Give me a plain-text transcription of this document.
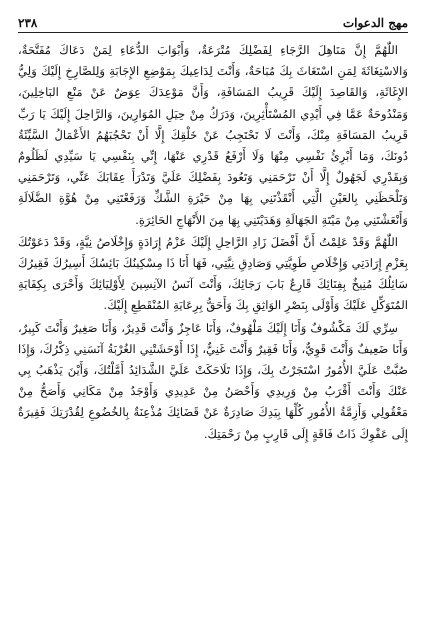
٢٣٨	مهج الدعوات

اللّٰهُمَّ إِنَّ مَنَاهِلَ الرَّجَاءِ لِفَضْلِكَ مُتْرَعَةٌ، وَأَبْوَابَ الدُّعَاءِ لِمَنْ دَعَاكَ مُفَتَّحَةٌ، وَالاسْتِغَاثَةَ لِمَنِ اسْتَغَاثَ بِكَ مُبَاحَةٌ، وَأَنْتَ لِدَاعِيكَ بِمَوْضِعِ الإِجَابَةِ وَلِلصَّارِخِ إِلَيْكَ وَلِيُّ الإِغَاثَةِ، وَالقَاصِدَ إِلَيْكَ قَرِيبُ المَسَافَةِ، وَأَنَّ مَوْعِدَكَ عِوَضٌ عَنْ مَنْعِ البَاخِلِينَ، وَمَنْدُوحَةٌ عَمَّا فِي أَيْدِي المُسْتَأْثِرِينَ، وَدَرَكُ مِنْ حِيَلِ المُوَارِينَ، وَالرَّاحِلَ إِلَيْكَ يَا رَبِّ قَرِيبُ المَسَافَةِ مِنْكَ، وَأَنْتَ لَا تَحْتَجِبُ عَنْ خَلْقِكَ إِلَّا أَنْ تَحْجُبَهُمُ الأَعْمَالُ السَّيِّئَةُ دُونَكَ، وَمَا أَبْرِئُ نَفْسِي مِنْهَا وَلَا أَرْفَعُ قَدْرِي عَنْهَا، إِنِّي بِنَفْسِي يَا سَيِّدِي لَظَلُومٌ وَبِقَدْرِي لَجَهُولٌ إِلَّا أَنْ تَرْحَمَنِي وَتَعُودَ بِفَضْلِكَ عَلَيَّ وَتَدْرَأَ عِقَابَكَ عَنِّي، وَتَرْحَمَنِي وَتَلْحَظَنِي بِالعَيْنِ الَّتِي أَنْقَذْتَنِي بِهَا مِنْ حَيْرَةِ الشَّكِّ وَرَفَعْتَنِي مِنْ هُوَّةِ الضَّلَالَةِ وَأَنْعَشْتَنِي مِنْ مَيْتَةِ الجَهَالَةِ وَهَدَيْتَنِي بِهَا مِنَ الأَنْهَاجِ الحَائِرَةِ.

اللّٰهُمَّ وَقَدْ عَلِمْتُ أَنَّ أَفْضَلَ زَادِ الرَّاحِلِ إِلَيْكَ عَزْمُ إِرَادَةٍ وَإِخْلَاصُ نِيَّةٍ، وَقَدْ دَعَوْتُكَ بِعَزْمِ إِرَادَتِي وَإِخْلَاصِ طَوِيَّتِي وَصَادِقِ نِيَّتِي، فَهَا أَنَا ذَا مِسْكِينُكَ بَائِسُكَ أَسِيرُكَ فَقِيرُكَ سَائِلُكَ مُنِيخٌ بِفِنَائِكَ قَارِعٌ بَابَ رَجَائِكَ، وَأَنْتَ آنَسُ الآنِسِينَ لِأَوْلِيَائِكَ وَأَحْرَى بِكِفَايَةِ المُتَوَكِّلِ عَلَيْكَ وَأَوْلَى بِنَصْرِ الوَاثِقِ بِكَ وَأَحَقُّ بِرِعَايَةِ المُنْقَطِعِ إِلَيْكَ.

سِرِّي لَكَ مَكْشُوفٌ وَأَنَا إِلَيْكَ مَلْهُوفٌ، وَأَنَا عَاجِزٌ وَأَنْتَ قَدِيرٌ، وَأَنَا صَغِيرٌ وَأَنْتَ كَبِيرٌ، وَأَنَا ضَعِيفٌ وَأَنْتَ قَوِيٌّ، وَأَنَا فَقِيرٌ وَأَنْتَ غَنِيٌّ، إِذَا أَوْحَشَتْنِي الغُرْبَةُ آنَسَنِي ذِكْرُكَ، وَإِذَا صُبَّتْ عَلَيَّ الأُمُورُ اسْتَجَرْتُ بِكَ، وَإِذَا تَلَاحَكَتْ عَلَيَّ الشَّدَائِدُ أَمَّلْتُكَ، وَأَيْنَ يَذْهَبُ بِي عَنْكَ وَأَنْتَ أَقْرَبُ مِنْ وَرِيدِي وَأَحْصَنُ مِنْ عَدِيدِي وَأَوْجَدُ مِنْ مَكَانِي وَأَصَحُّ مِنْ مَعْقُولِي وَأَزِمَّةُ الأُمُورِ كُلِّهَا بِيَدِكَ صَادِرَةٌ عَنْ قَضَائِكَ مُذْعِنَةٌ بِالخُضُوعِ لِقُدْرَتِكَ فَقِيرَةٌ إِلَى عَفْوِكَ ذَاتُ فَاقَةٍ إِلَى قَارِبٍ مِنْ رَحْمَتِكَ.
